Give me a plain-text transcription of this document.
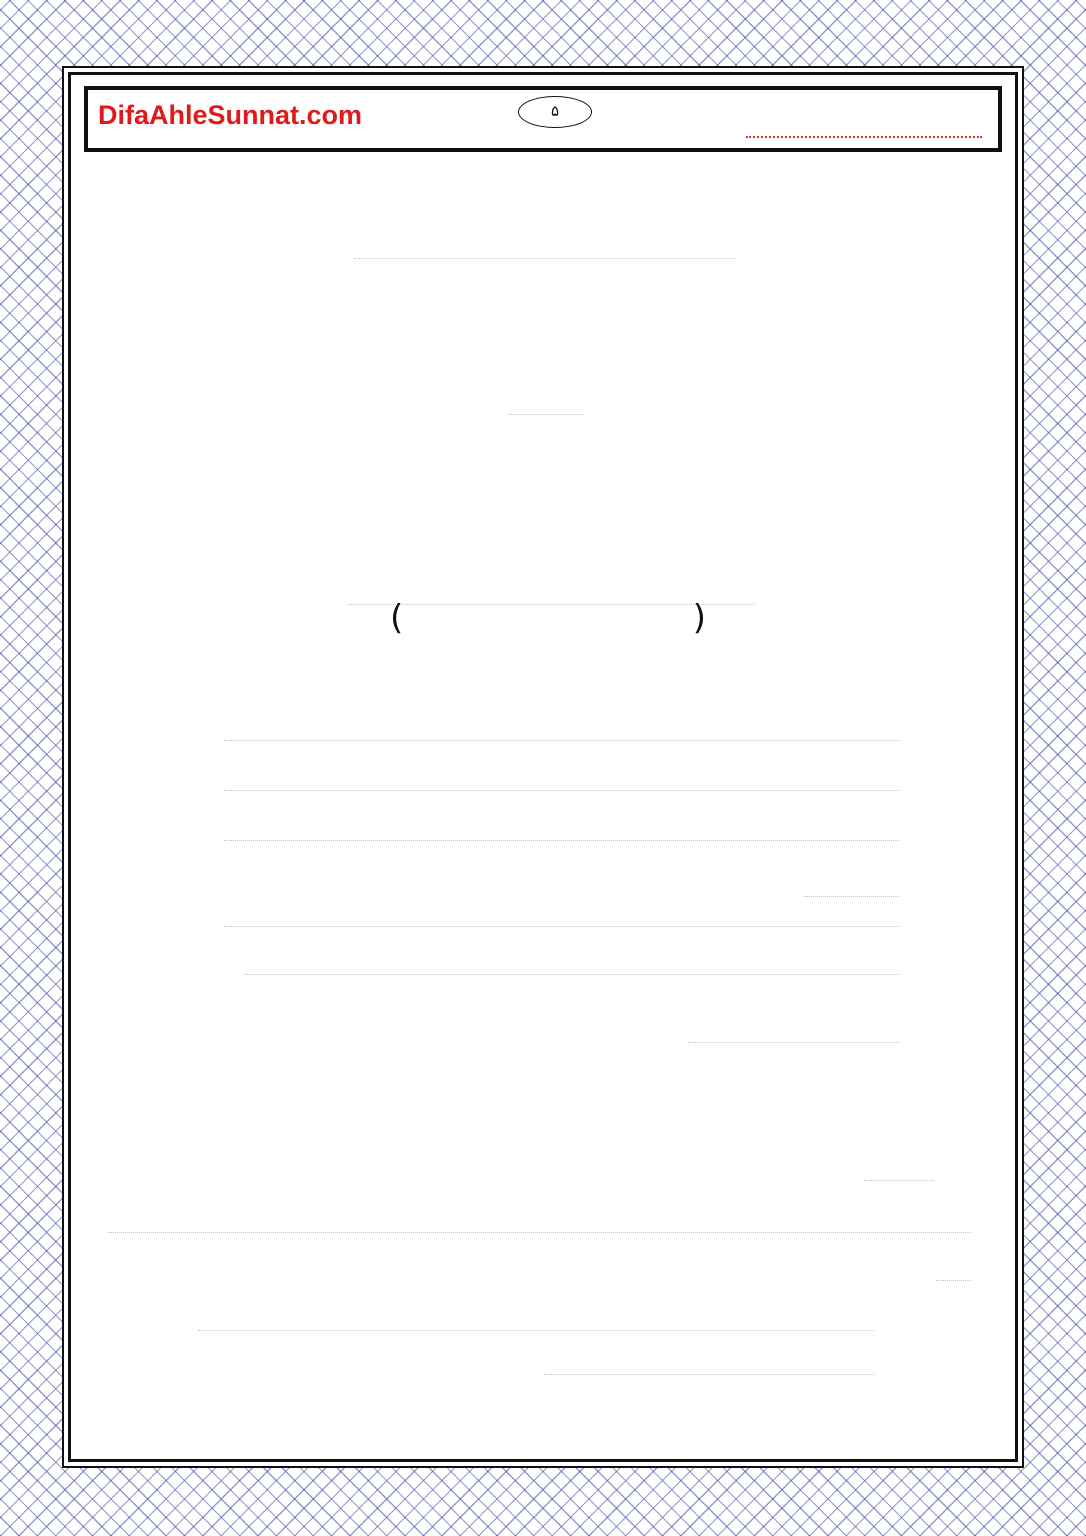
DifaAhleSunnat.com	۵
(	)
